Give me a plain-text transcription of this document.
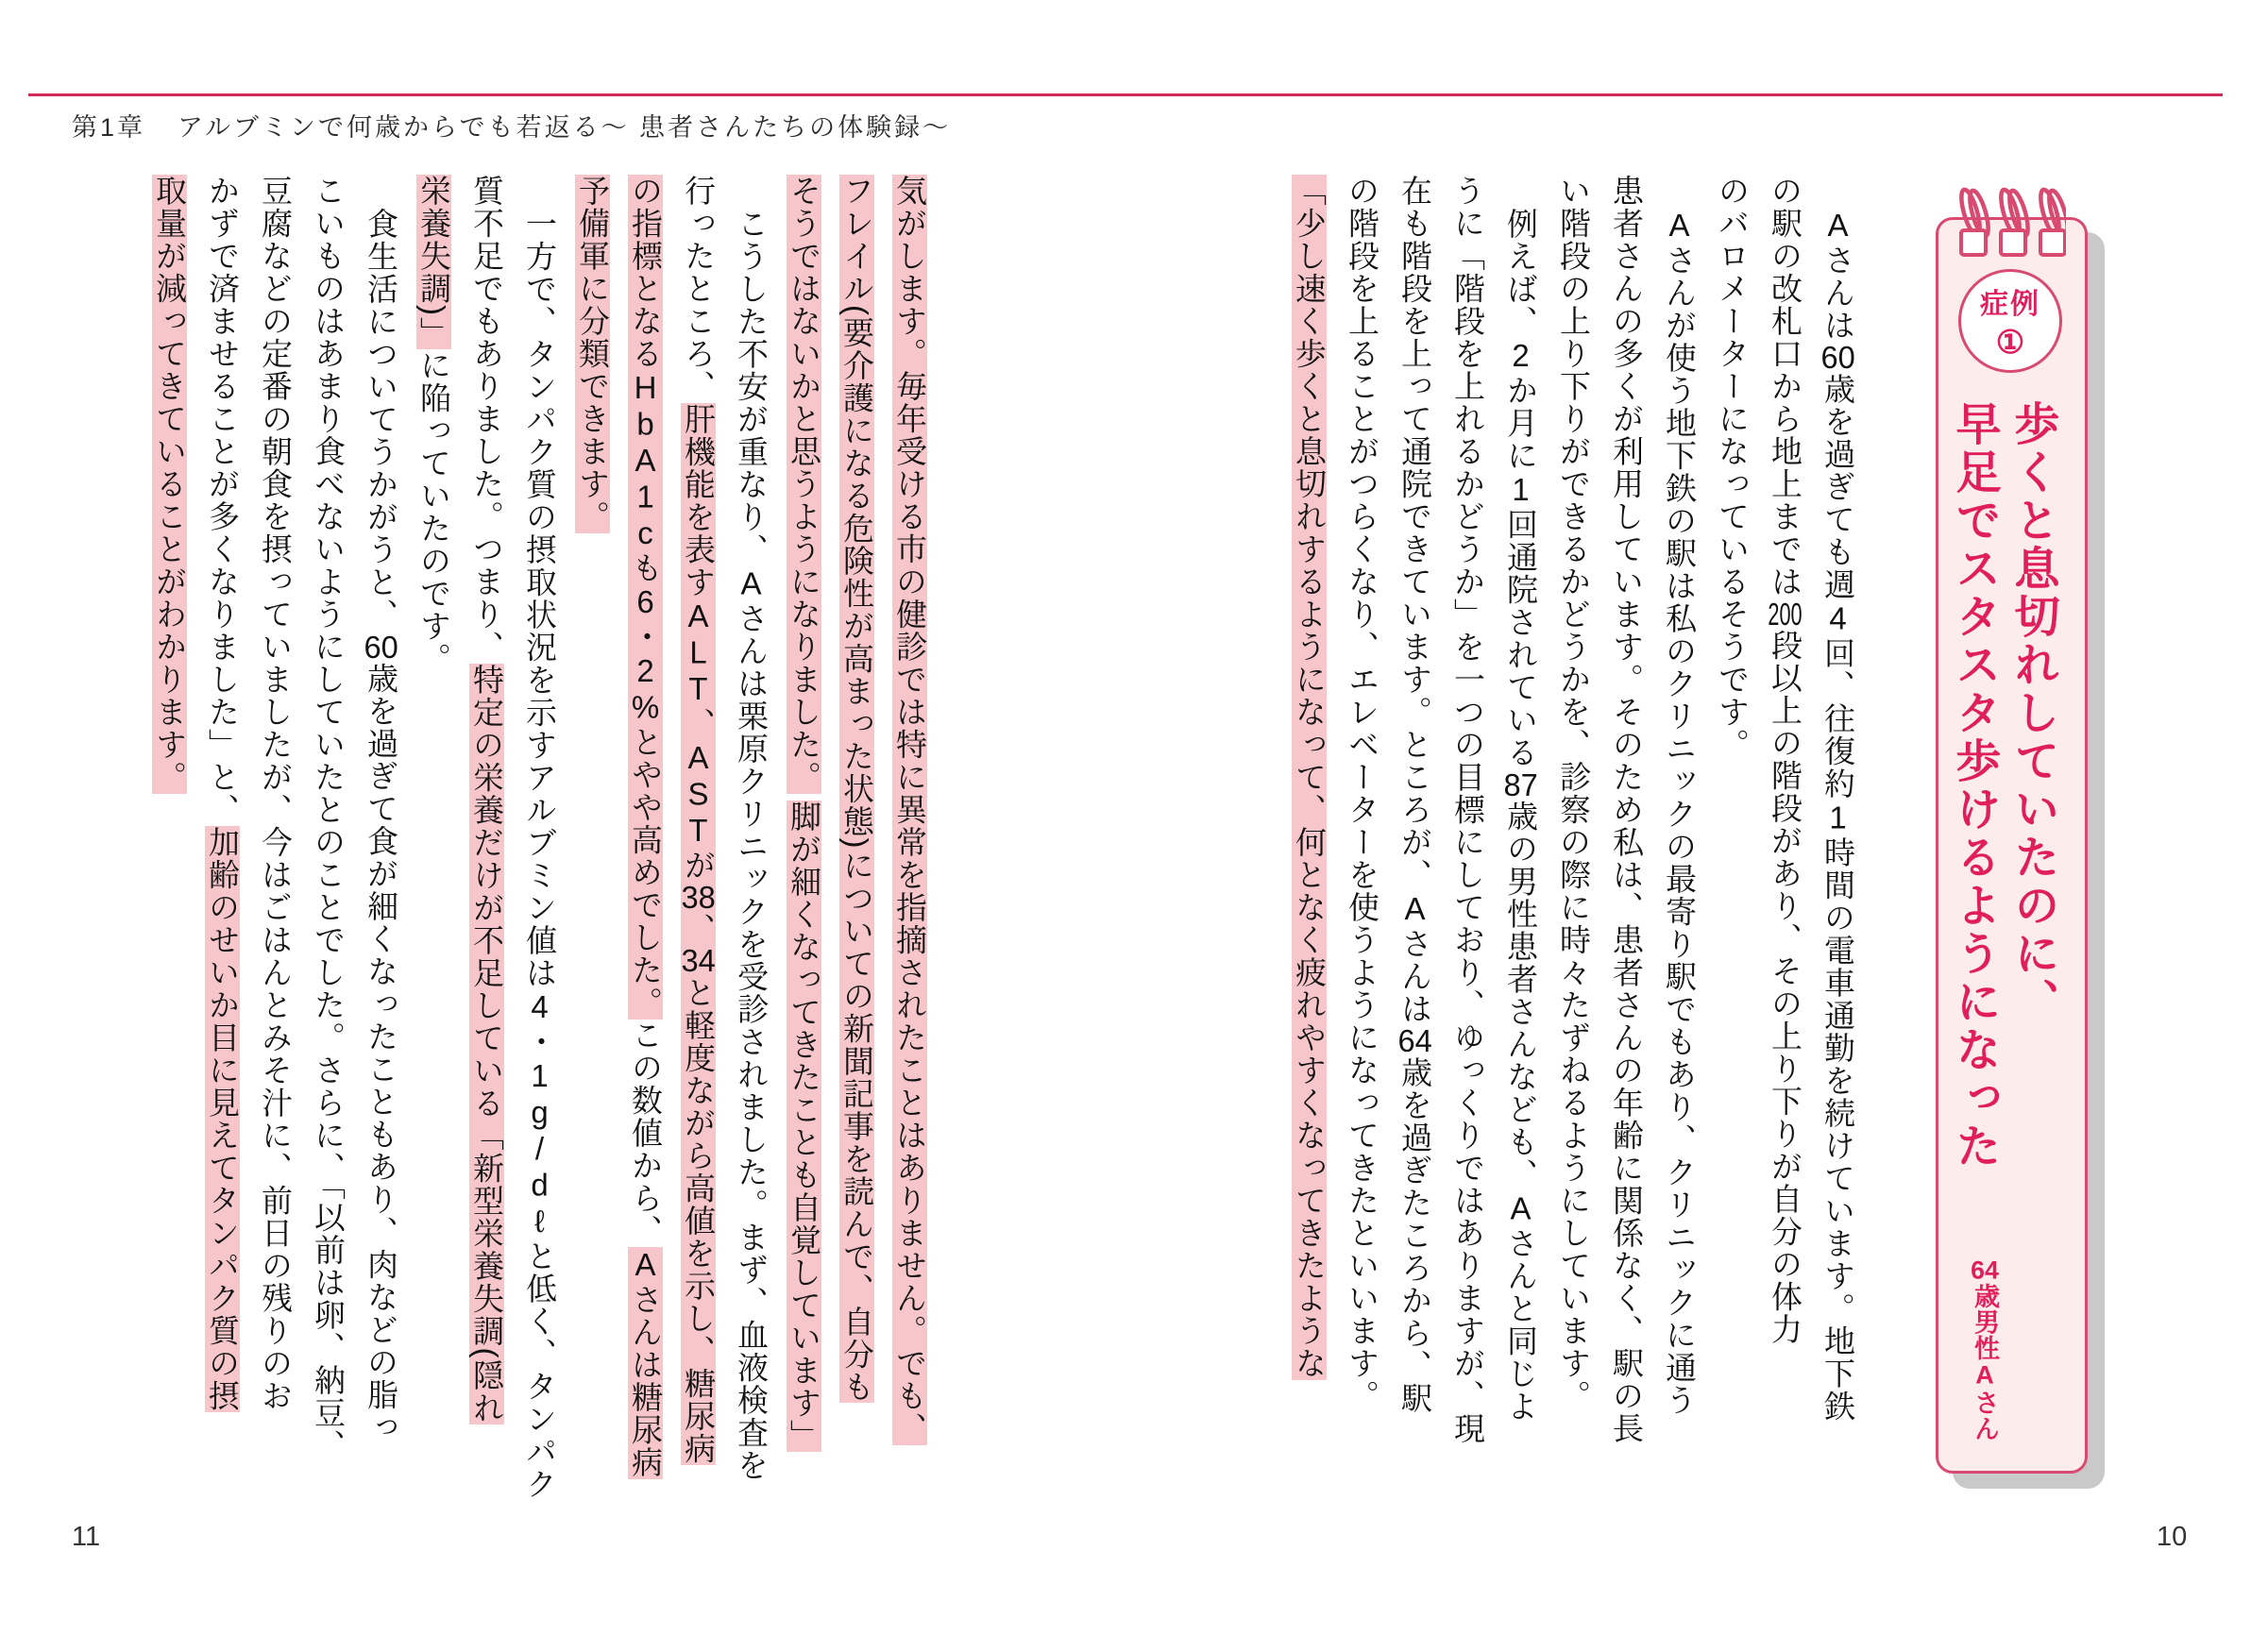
第1章 アルブミンで何歳からでも若返る〜 患者さんたちの体験録〜
症例
①

歩くと息切れしていたのに、

早足でスタスタ歩けるようになった

64歳男性Aさん

Aさんは60歳を過ぎても週4回、往復約1時間の電車通勤を続けています。地下鉄

の駅の改札口から地上までは200段以上の階段があり、その上り下りが自分の体力

のバロメーターになっているそうです。

Aさんが使う地下鉄の駅は私のクリニックの最寄り駅でもあり、クリニックに通う

患者さんの多くが利用しています。そのため私は、患者さんの年齢に関係なく、駅の長

い階段の上り下りができるかどうかを、診察の際に時々たずねるようにしています。

例えば、2か月に1回通院されている87歳の男性患者さんなども、Aさんと同じよ

うに「階段を上れるかどうか」を一つの目標にしており、ゆっくりではありますが、現

在も階段を上って通院できています。ところが、Aさんは64歳を過ぎたころから、駅

の階段を上ることがつらくなり、エレベーターを使うようになってきたといいます。

「少し速く歩くと息切れするようになって、何となく疲れやすくなってきたような

気がします。毎年受ける市の健診では特に異常を指摘されたことはありません。でも、

フレイル(要介護になる危険性が高まった状態)についての新聞記事を読んで、自分も

そうではないかと思うようになりました。脚が細くなってきたことも自覚しています」

こうした不安が重なり、Aさんは栗原クリニックを受診されました。まず、血液検査を

行ったところ、肝機能を表すALT、ASTが38、34と軽度ながら高値を示し、糖尿病

の指標となるHbA1cも6・2%とやや高めでした。この数値から、Aさんは糖尿病

予備軍に分類できます。

一方で、タンパク質の摂取状況を示すアルブミン値は4・1g/dℓと低く、タンパク

質不足でもありました。つまり、特定の栄養だけが不足している「新型栄養失調(隠れ

栄養失調)」に陥っていたのです。

食生活についてうかがうと、60歳を過ぎて食が細くなったこともあり、肉などの脂っ

こいものはあまり食べないようにしていたとのことでした。さらに、「以前は卵、納豆、

豆腐などの定番の朝食を摂っていましたが、今はごはんとみそ汁に、前日の残りのお

かずで済ませることが多くなりました」と、加齢のせいか目に見えてタンパク質の摂

取量が減ってきていることがわかります。

11	10
